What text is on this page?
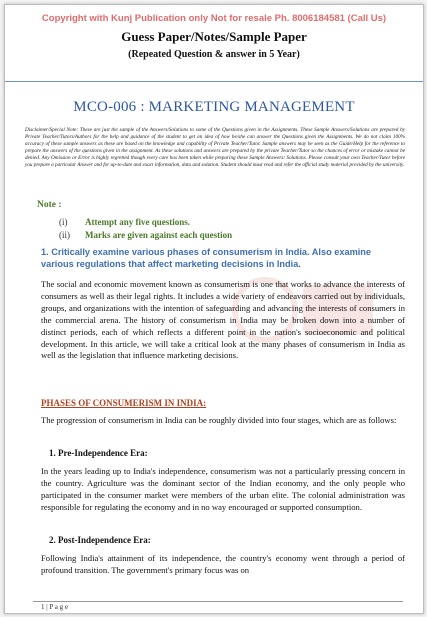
Copyright with Kunj Publication only Not for resale Ph. 8006184581 (Call Us)
Guess Paper/Notes/Sample Paper
(Repeated Question & answer in 5 Year)
MCO-006 : MARKETING MANAGEMENT
Disclaimer/Special Note: These are just the sample of the Answers/Solutions to some of the Questions given in the Assignments. These Sample Answers/Solutions are prepared by Private Teacher/Tutors/Authors for the help and guidance of the student to get an idea of how he/she can answer the Questions given the Assignments. We do not claim 100% accuracy of these sample answers as these are based on the knowledge and capability of Private Teacher/Tutor. Sample answers may be seen as the Guide/Help for the reference to prepare the answers of the questions given in the assignment. As these solutions and answers are prepared by the private Teacher/Tutor so the chances of error or mistake cannot be denied. Any Omission or Error is highly regretted though every care has been taken while preparing these Sample Answers/ Solutions. Please consult your own Teacher/Tutor before you prepare a particular Answer and for up-to-date and exact information, data and solution. Student should must read and refer the official study material provided by the university.
Note :
(i) Attempt any five questions.
(ii) Marks are given against each question
1. Critically examine various phases of consumerism in India. Also examine various regulations that affect marketing decisions in India.
The social and economic movement known as consumerism is one that works to advance the interests of consumers as well as their legal rights. It includes a wide variety of endeavors carried out by individuals, groups, and organizations with the intention of safeguarding and advancing the interests of consumers in the commercial arena. The history of consumerism in India may be broken down into a number of distinct periods, each of which reflects a different point in the nation's socioeconomic and political development. In this article, we will take a critical look at the many phases of consumerism in India as well as the legislation that influence marketing decisions.
PHASES OF CONSUMERISM IN INDIA:
The progression of consumerism in India can be roughly divided into four stages, which are as follows:
1. Pre-Independence Era:
In the years leading up to India's independence, consumerism was not a particularly pressing concern in the country. Agriculture was the dominant sector of the Indian economy, and the only people who participated in the consumer market were members of the urban elite. The colonial administration was responsible for regulating the economy and in no way encouraged or supported consumption.
2. Post-Independence Era:
Following India's attainment of its independence, the country's economy went through a period of profound transition. The government's primary focus was on
1 | P a g e
